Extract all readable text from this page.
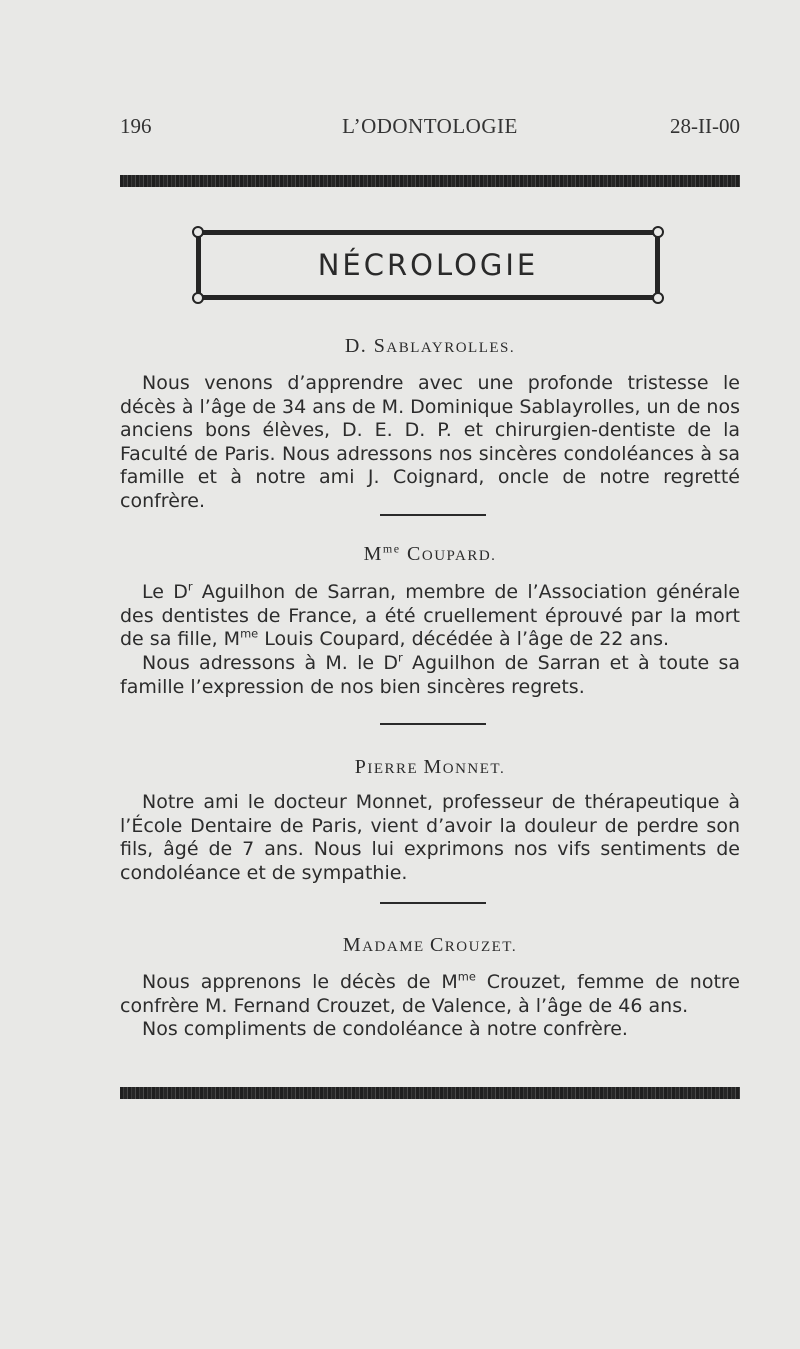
196	L’ODONTOLOGIE	28-II-00
NÉCROLOGIE
D. SABLAYROLLES.

Nous venons d’apprendre avec une profonde tristesse le décès à l’âge de 34 ans de M. Dominique Sablayrolles, un de nos anciens bons élèves, D. E. D. P. et chirurgien-dentiste de la Faculté de Paris. Nous adressons nos sincères condoléances à sa famille et à notre ami J. Coignard, oncle de notre regretté confrère.

$M^{me}$ COUPARD.

Le $D^r$ Aguilhon de Sarran, membre de l’Association générale des dentistes de France, a été cruellement éprouvé par la mort de sa fille, $M^{me}$ Louis Coupard, décédée à l’âge de 22 ans.

Nous adressons à M. le $D^r$ Aguilhon de Sarran et à toute sa famille l’expression de nos bien sincères regrets.

PIERRE MONNET.

Notre ami le docteur Monnet, professeur de thérapeutique à l’École Dentaire de Paris, vient d’avoir la douleur de perdre son fils, âgé de 7 ans. Nous lui exprimons nos vifs sentiments de condoléance et de sympathie.

MADAME CROUZET.

Nous apprenons le décès de $M^{me}$ Crouzet, femme de notre confrère M. Fernand Crouzet, de Valence, à l’âge de 46 ans.

Nos compliments de condoléance à notre confrère.
